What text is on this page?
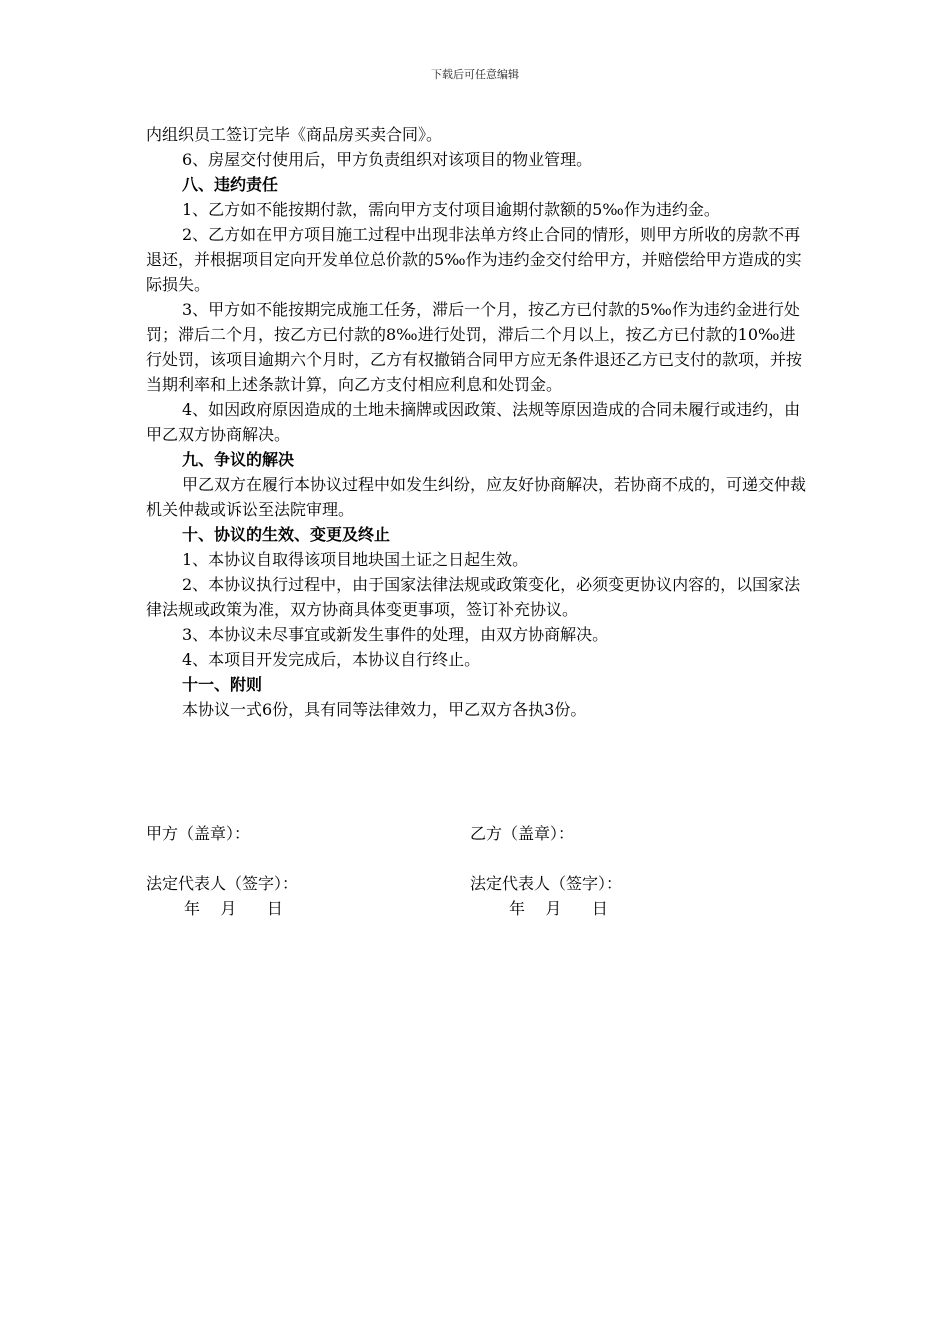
下载后可任意编辑

内组织员工签订完毕《商品房买卖合同》。

6、房屋交付使用后，甲方负责组织对该项目的物业管理。

八、违约责任

1、乙方如不能按期付款，需向甲方支付项目逾期付款额的5‰作为违约金。

2、乙方如在甲方项目施工过程中出现非法单方终止合同的情形，则甲方所收的房款不再退还，并根据项目定向开发单位总价款的5‰作为违约金交付给甲方，并赔偿给甲方造成的实际损失。

3、甲方如不能按期完成施工任务，滞后一个月，按乙方已付款的5‰作为违约金进行处罚；滞后二个月，按乙方已付款的8‰进行处罚，滞后二个月以上，按乙方已付款的10‰进行处罚，该项目逾期六个月时，乙方有权撤销合同甲方应无条件退还乙方已支付的款项，并按当期利率和上述条款计算，向乙方支付相应利息和处罚金。

4、如因政府原因造成的土地未摘牌或因政策、法规等原因造成的合同未履行或违约，由甲乙双方协商解决。

九、争议的解决

甲乙双方在履行本协议过程中如发生纠纷，应友好协商解决，若协商不成的，可递交仲裁机关仲裁或诉讼至法院审理。

十、协议的生效、变更及终止

1、本协议自取得该项目地块国土证之日起生效。

2、本协议执行过程中，由于国家法律法规或政策变化，必须变更协议内容的，以国家法律法规或政策为准，双方协商具体变更事项，签订补充协议。

3、本协议未尽事宜或新发生事件的处理，由双方协商解决。

4、本项目开发完成后，本协议自行终止。

十一、附则

本协议一式6份，具有同等法律效力，甲乙双方各执3份。

甲方（盖章）：	乙方（盖章）：
法定代表人（签字）：	法定代表人（签字）：
年    月      日	年    月      日
